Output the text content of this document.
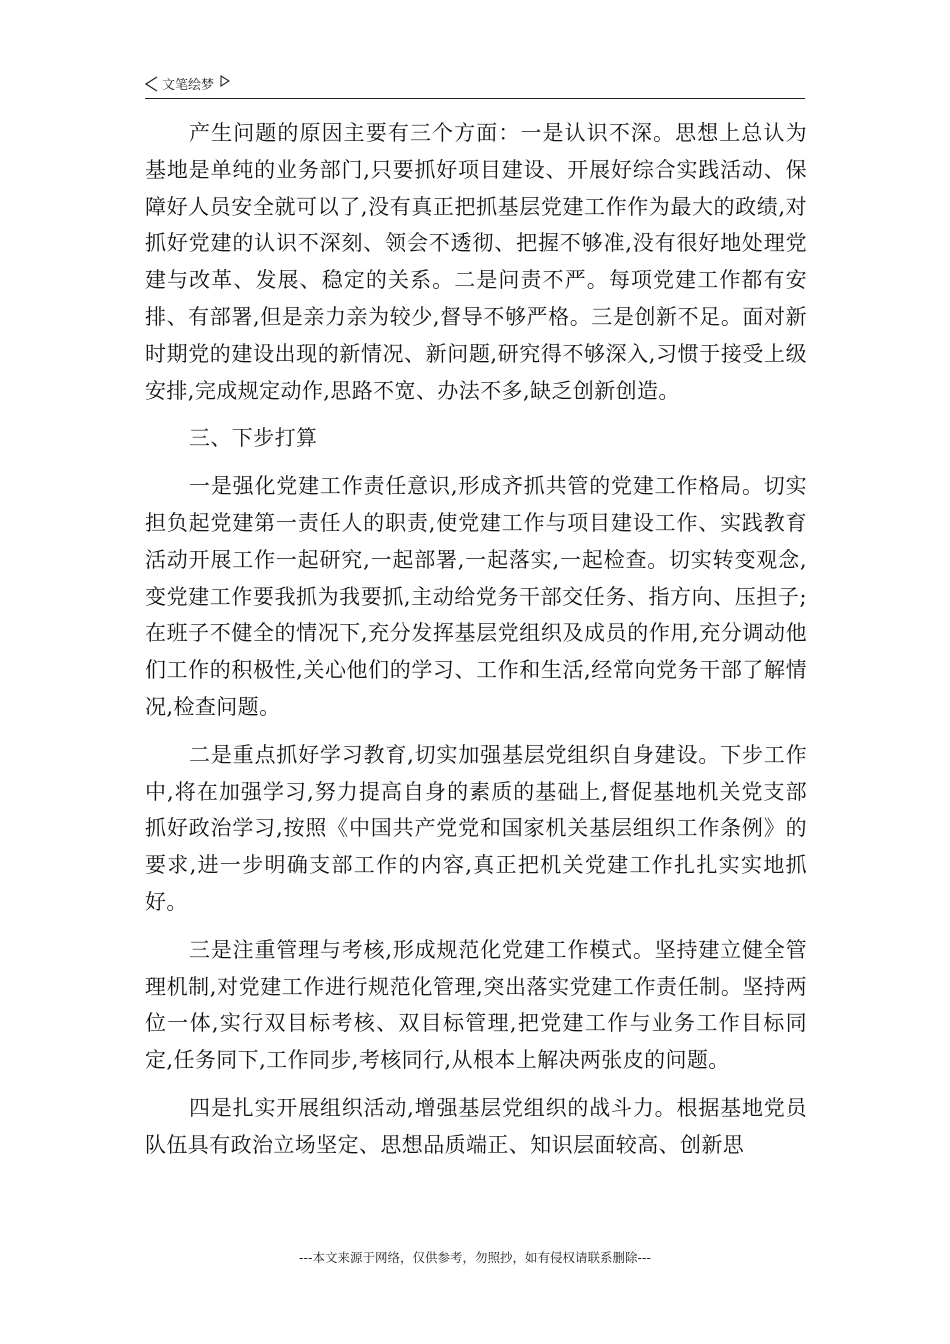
文笔绘梦

产生问题的原因主要有三个方面：一是认识不深。思想上总认为基地是单纯的业务部门,只要抓好项目建设、开展好综合实践活动、保障好人员安全就可以了,没有真正把抓基层党建工作作为最大的政绩,对抓好党建的认识不深刻、领会不透彻、把握不够准,没有很好地处理党建与改革、发展、稳定的关系。二是问责不严。每项党建工作都有安排、有部署,但是亲力亲为较少,督导不够严格。三是创新不足。面对新时期党的建设出现的新情况、新问题,研究得不够深入,习惯于接受上级安排,完成规定动作,思路不宽、办法不多,缺乏创新创造。

三、下步打算

一是强化党建工作责任意识,形成齐抓共管的党建工作格局。切实担负起党建第一责任人的职责,使党建工作与项目建设工作、实践教育活动开展工作一起研究,一起部署,一起落实,一起检查。切实转变观念,变党建工作要我抓为我要抓,主动给党务干部交任务、指方向、压担子;在班子不健全的情况下,充分发挥基层党组织及成员的作用,充分调动他们工作的积极性,关心他们的学习、工作和生活,经常向党务干部了解情况,检查问题。

二是重点抓好学习教育,切实加强基层党组织自身建设。下步工作中,将在加强学习,努力提高自身的素质的基础上,督促基地机关党支部抓好政治学习,按照《中国共产党党和国家机关基层组织工作条例》的要求,进一步明确支部工作的内容,真正把机关党建工作扎扎实实地抓好。

三是注重管理与考核,形成规范化党建工作模式。坚持建立健全管理机制,对党建工作进行规范化管理,突出落实党建工作责任制。坚持两位一体,实行双目标考核、双目标管理,把党建工作与业务工作目标同定,任务同下,工作同步,考核同行,从根本上解决两张皮的问题。

四是扎实开展组织活动,增强基层党组织的战斗力。根据基地党员队伍具有政治立场坚定、思想品质端正、知识层面较高、创新思

---本文来源于网络，仅供参考，勿照抄，如有侵权请联系删除---
